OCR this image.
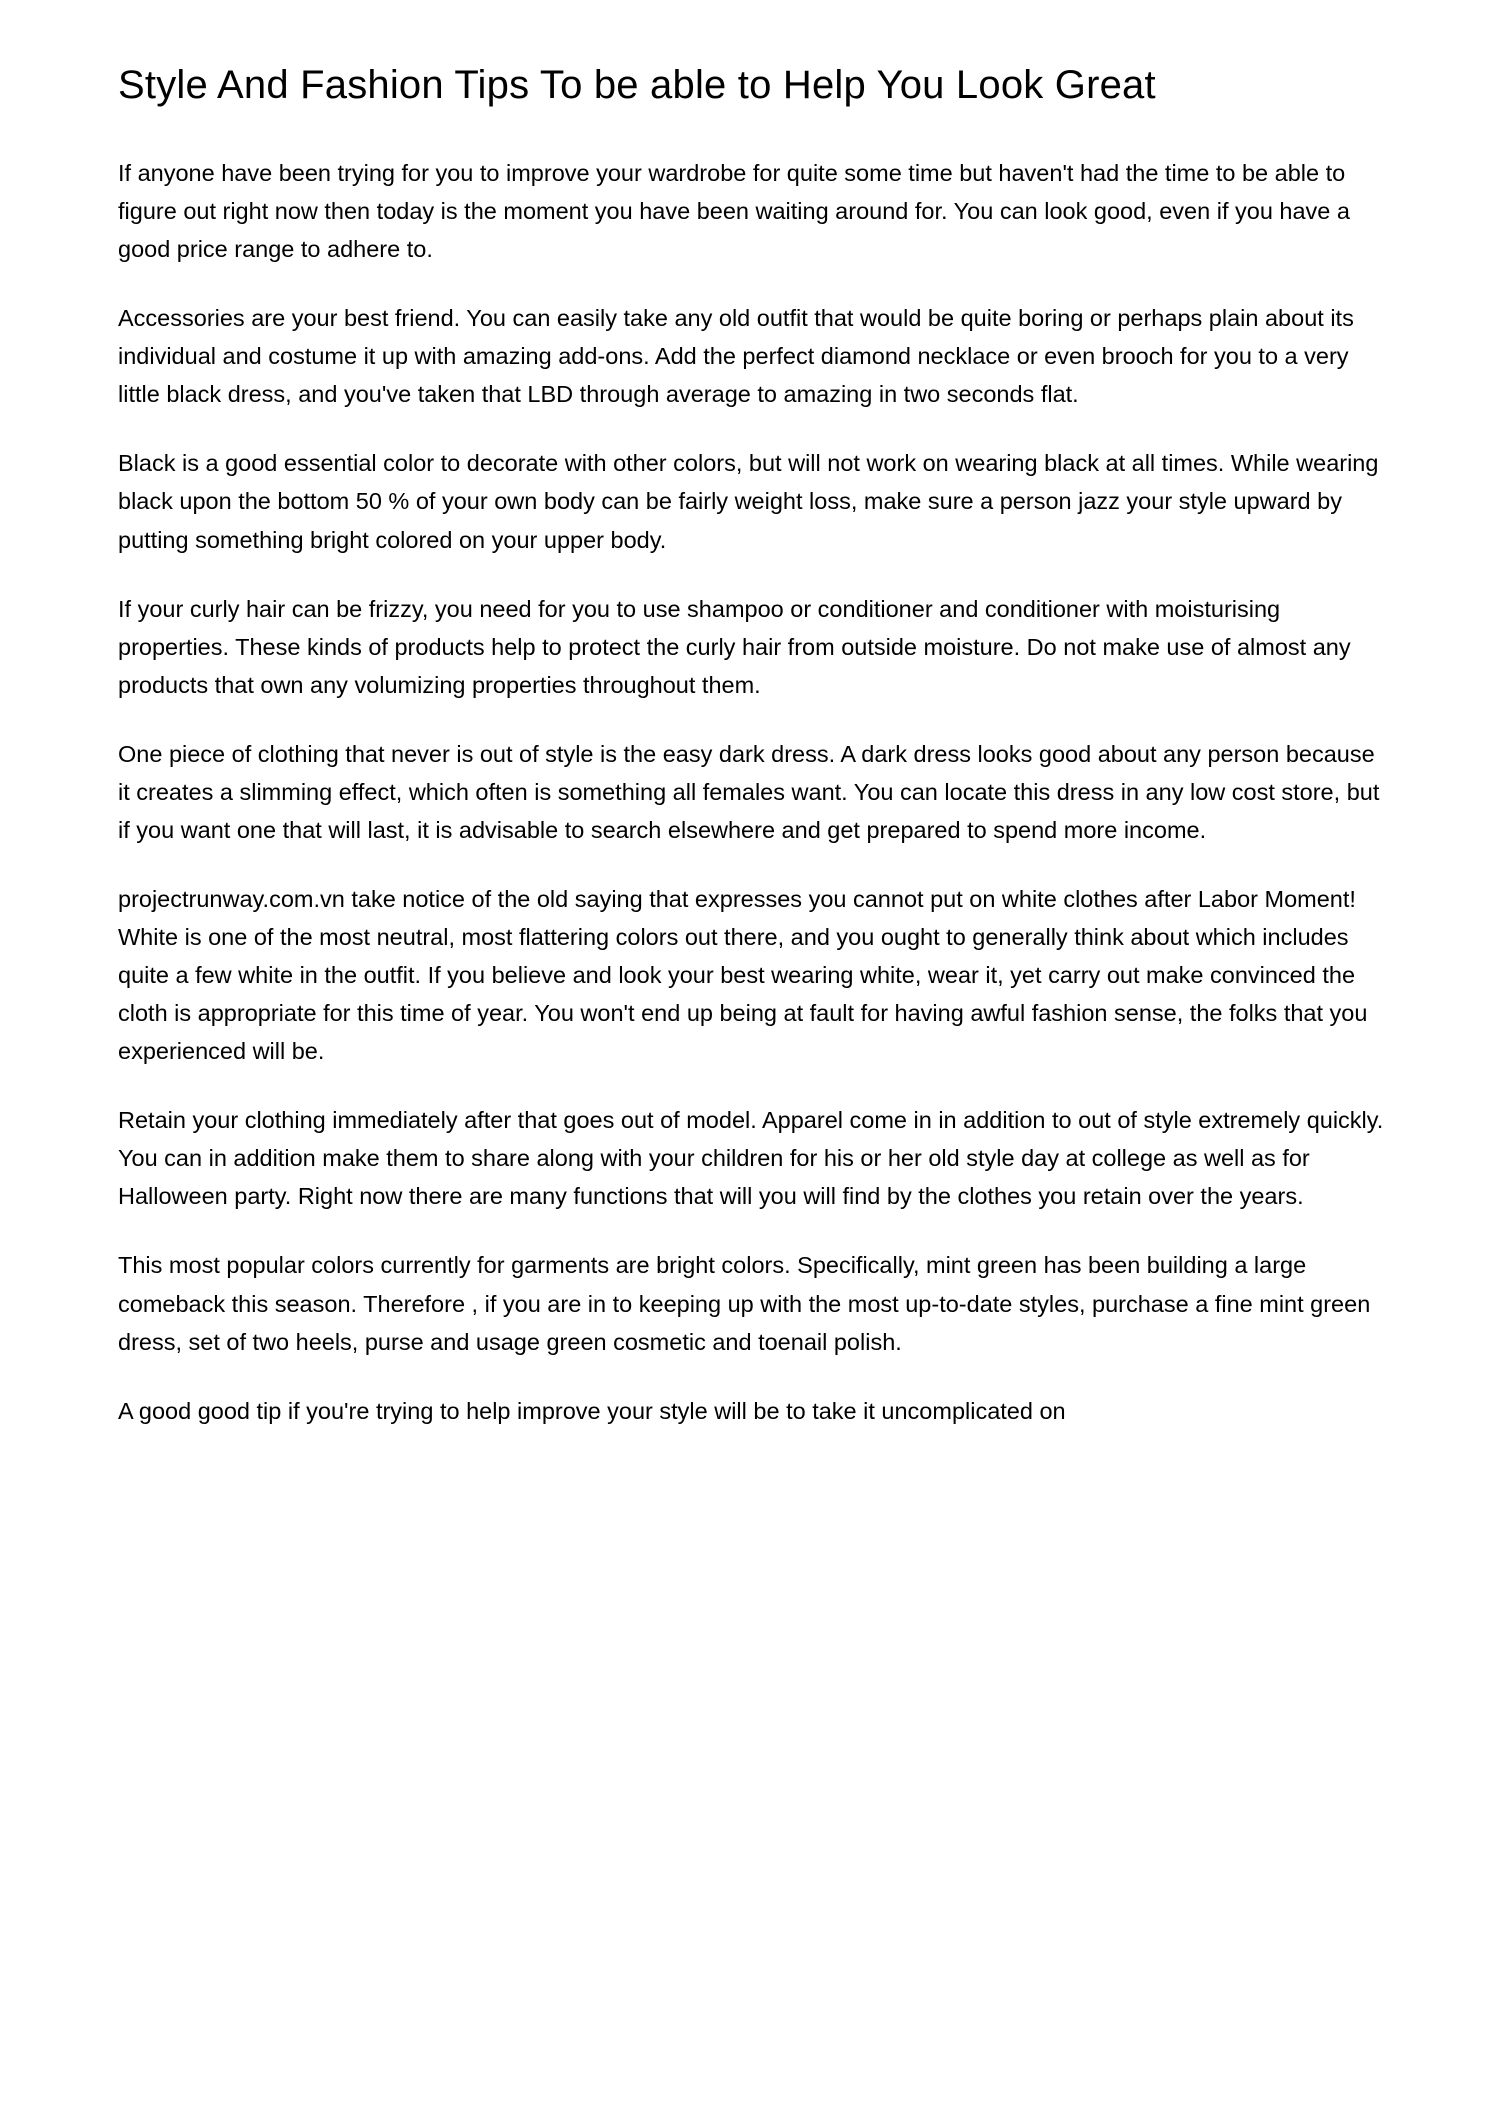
Style And Fashion Tips To be able to Help You Look Great

If anyone have been trying for you to improve your wardrobe for quite some time but haven't had the time to be able to figure out right now then today is the moment you have been waiting around for. You can look good, even if you have a good price range to adhere to.

Accessories are your best friend. You can easily take any old outfit that would be quite boring or perhaps plain about its individual and costume it up with amazing add-ons. Add the perfect diamond necklace or even brooch for you to a very little black dress, and you've taken that LBD through average to amazing in two seconds flat.

Black is a good essential color to decorate with other colors, but will not work on wearing black at all times. While wearing black upon the bottom 50 % of your own body can be fairly weight loss, make sure a person jazz your style upward by putting something bright colored on your upper body.

If your curly hair can be frizzy, you need for you to use shampoo or conditioner and conditioner with moisturising properties. These kinds of products help to protect the curly hair from outside moisture. Do not make use of almost any products that own any volumizing properties throughout them.

One piece of clothing that never is out of style is the easy dark dress. A dark dress looks good about any person because it creates a slimming effect, which often is something all females want. You can locate this dress in any low cost store, but if you want one that will last, it is advisable to search elsewhere and get prepared to spend more income.

projectrunway.com.vn take notice of the old saying that expresses you cannot put on white clothes after Labor Moment! White is one of the most neutral, most flattering colors out there, and you ought to generally think about which includes quite a few white in the outfit. If you believe and look your best wearing white, wear it, yet carry out make convinced the cloth is appropriate for this time of year. You won't end up being at fault for having awful fashion sense, the folks that you experienced will be.

Retain your clothing immediately after that goes out of model. Apparel come in in addition to out of style extremely quickly. You can in addition make them to share along with your children for his or her old style day at college as well as for Halloween party. Right now there are many functions that will you will find by the clothes you retain over the years.

This most popular colors currently for garments are bright colors. Specifically, mint green has been building a large comeback this season. Therefore , if you are in to keeping up with the most up-to-date styles, purchase a fine mint green dress, set of two heels, purse and usage green cosmetic and toenail polish.

A good good tip if you're trying to help improve your style will be to take it uncomplicated on
